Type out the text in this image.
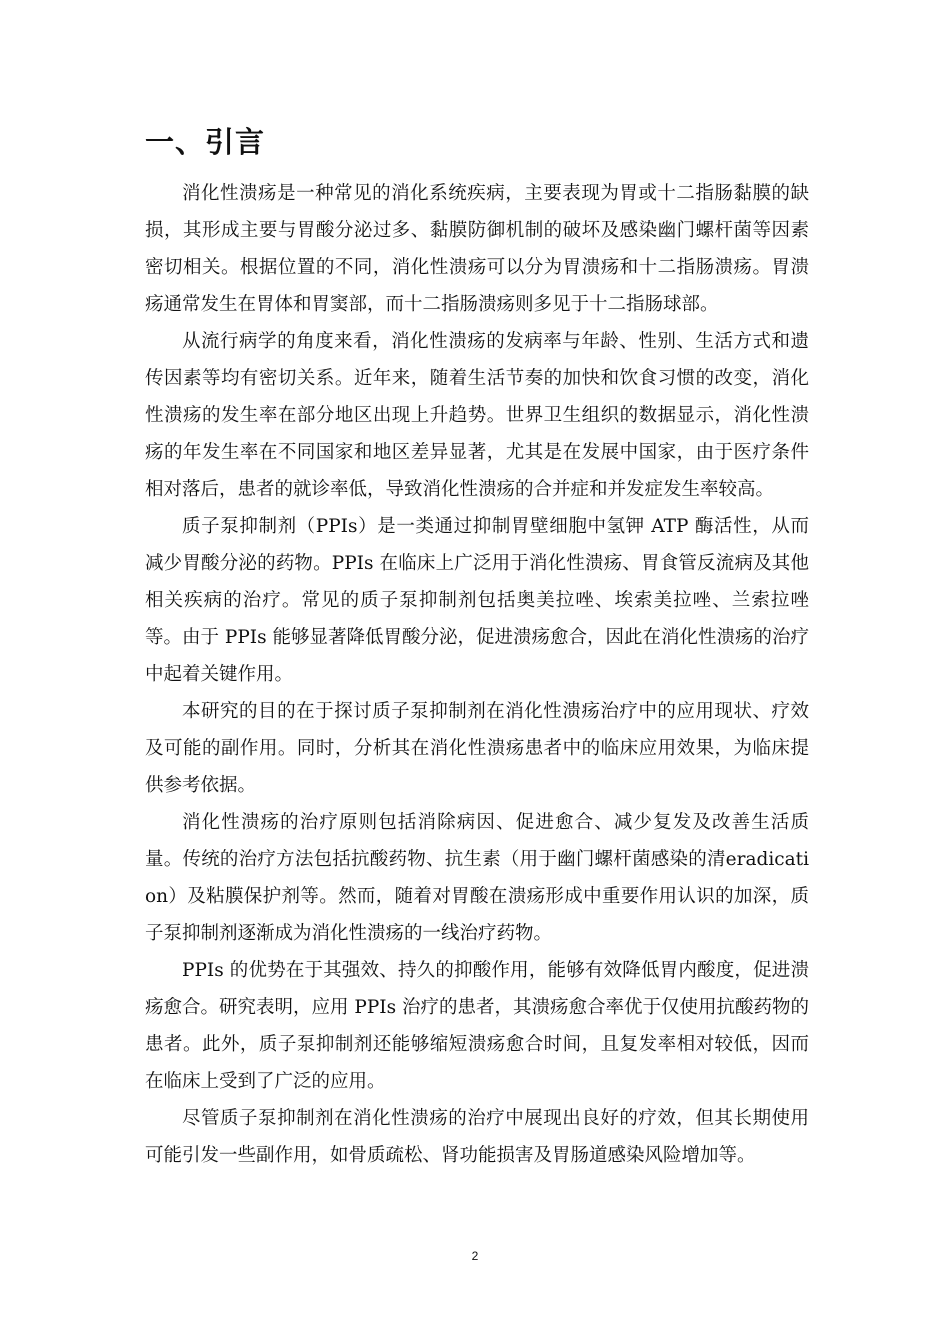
一、引言

消化性溃疡是一种常见的消化系统疾病，主要表现为胃或十二指肠黏膜的缺损，其形成主要与胃酸分泌过多、黏膜防御机制的破坏及感染幽门螺杆菌等因素密切相关。根据位置的不同，消化性溃疡可以分为胃溃疡和十二指肠溃疡。胃溃疡通常发生在胃体和胃窦部，而十二指肠溃疡则多见于十二指肠球部。

从流行病学的角度来看，消化性溃疡的发病率与年龄、性别、生活方式和遗传因素等均有密切关系。近年来，随着生活节奏的加快和饮食习惯的改变，消化性溃疡的发生率在部分地区出现上升趋势。世界卫生组织的数据显示，消化性溃疡的年发生率在不同国家和地区差异显著，尤其是在发展中国家，由于医疗条件相对落后，患者的就诊率低，导致消化性溃疡的合并症和并发症发生率较高。

质子泵抑制剂（PPIs）是一类通过抑制胃壁细胞中氢钾 ATP 酶活性，从而减少胃酸分泌的药物。PPIs 在临床上广泛用于消化性溃疡、胃食管反流病及其他相关疾病的治疗。常见的质子泵抑制剂包括奥美拉唑、埃索美拉唑、兰索拉唑等。由于 PPIs 能够显著降低胃酸分泌，促进溃疡愈合，因此在消化性溃疡的治疗中起着关键作用。

本研究的目的在于探讨质子泵抑制剂在消化性溃疡治疗中的应用现状、疗效及可能的副作用。同时，分析其在消化性溃疡患者中的临床应用效果，为临床提供参考依据。

消化性溃疡的治疗原则包括消除病因、促进愈合、减少复发及改善生活质量。传统的治疗方法包括抗酸药物、抗生素（用于幽门螺杆菌感染的清eradication）及粘膜保护剂等。然而，随着对胃酸在溃疡形成中重要作用认识的加深，质子泵抑制剂逐渐成为消化性溃疡的一线治疗药物。

PPIs 的优势在于其强效、持久的抑酸作用，能够有效降低胃内酸度，促进溃疡愈合。研究表明，应用 PPIs 治疗的患者，其溃疡愈合率优于仅使用抗酸药物的患者。此外，质子泵抑制剂还能够缩短溃疡愈合时间，且复发率相对较低，因而在临床上受到了广泛的应用。

尽管质子泵抑制剂在消化性溃疡的治疗中展现出良好的疗效，但其长期使用可能引发一些副作用，如骨质疏松、肾功能损害及胃肠道感染风险增加等。

2
